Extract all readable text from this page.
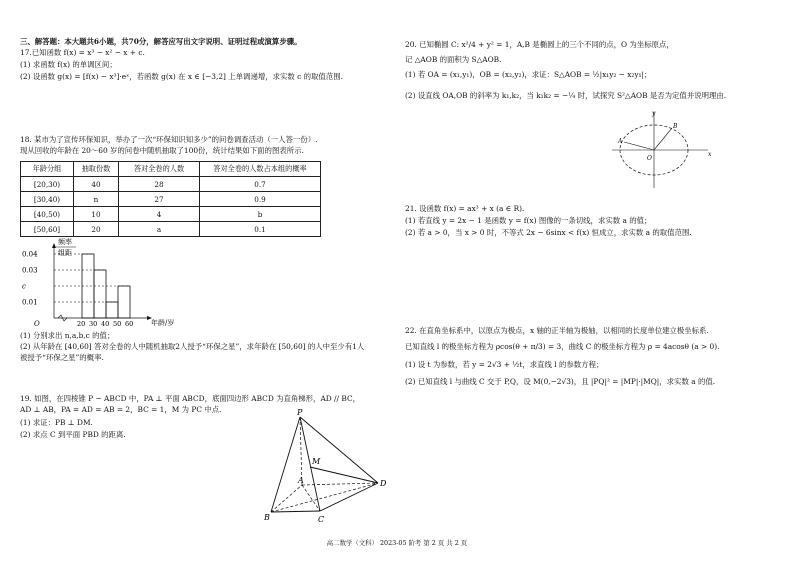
三、解答题：本大题共6小题，共70分，解答应写出文字说明、证明过程或演算步骤。
17.已知函数 f(x) = x³ − x² − x + c.
(1) 求函数 f(x) 的单调区间；
(2) 设函数 g(x) = [f(x) − x³]·eˣ，若函数 g(x) 在 x ∈ [−3,2] 上单调递增，求实数 c 的取值范围.
18. 某市为了宣传环保知识，举办了一次“环保知识知多少”的问卷调查活动（一人答一份）.
现从回收的年龄在 20～60 岁的问卷中随机抽取了100份，统计结果如下面的图表所示.
年龄分组	抽取份数	答对全卷的人数	答对全卷的人数占本组的概率
[20,30)	40	28	0.7
[30,40)	n	27	0.9
[40,50)	10	4	b
[50,60]	20	a	0.1
频率
组距
O
0.04
0.03
c
0.01
20 30 40 50 60	年龄/岁
(1) 分别求出 n,a,b,c 的值；
(2) 从年龄在 [40,60] 答对全卷的人中随机抽取2人授予“环保之星”，求年龄在 [50,60] 的人中至少有1人
被授予“环保之星”的概率.
19. 如图，在四棱锥 P − ABCD 中，PA ⊥ 平面 ABCD，底面四边形 ABCD 为直角梯形，AD // BC，
AD ⊥ AB，PA = AD = AB = 2，BC = 1，M 为 PC 中点.
(1) 求证：PB ⊥ DM.
(2) 求点 C 到平面 PBD 的距离.
P
M
A	D
B	C
20. 已知椭圆 C: x²/4 + y² = 1，A,B 是椭圆上的三个不同的点，O 为坐标原点，
记 △AOB 的面积为 S△AOB.
(1) 若 OA = (x₁,y₁)，OB = (x₂,y₂)，求证：S△AOB = ½|x₁y₂ − x₂y₁|；
(2) 设直线 OA,OB 的斜率为 k₁,k₂，当 k₁k₂ = −¼ 时，试探究 S²△AOB 是否为定值并说明理由.
y
x
O
A
B
21. 设函数 f(x) = ax³ + x (a ∈ R).
(1) 若直线 y = 2x − 1 是函数 y = f(x) 图像的一条切线，求实数 a 的值；
(2) 若 a > 0，当 x > 0 时，不等式 2x − 6sinx < f(x) 恒成立，求实数 a 的取值范围.
22. 在直角坐标系中，以原点为极点，x 轴的正半轴为极轴，以相同的长度单位建立极坐标系.
已知直线 l 的极坐标方程为 ρcos(θ + π/3) = 3，曲线 C 的极坐标方程为 ρ = 4acosθ (a > 0).
(1) 设 t 为参数，若 y = 2√3 + ½t，求直线 l 的参数方程；
(2) 已知直线 l 与曲线 C 交于 P,Q，设 M(0,−2√3)，且 |PQ|² = |MP|·|MQ|，求实数 a 的值.
高二数学（文科） 2023-05 阶考 第 2 页 共 2 页
